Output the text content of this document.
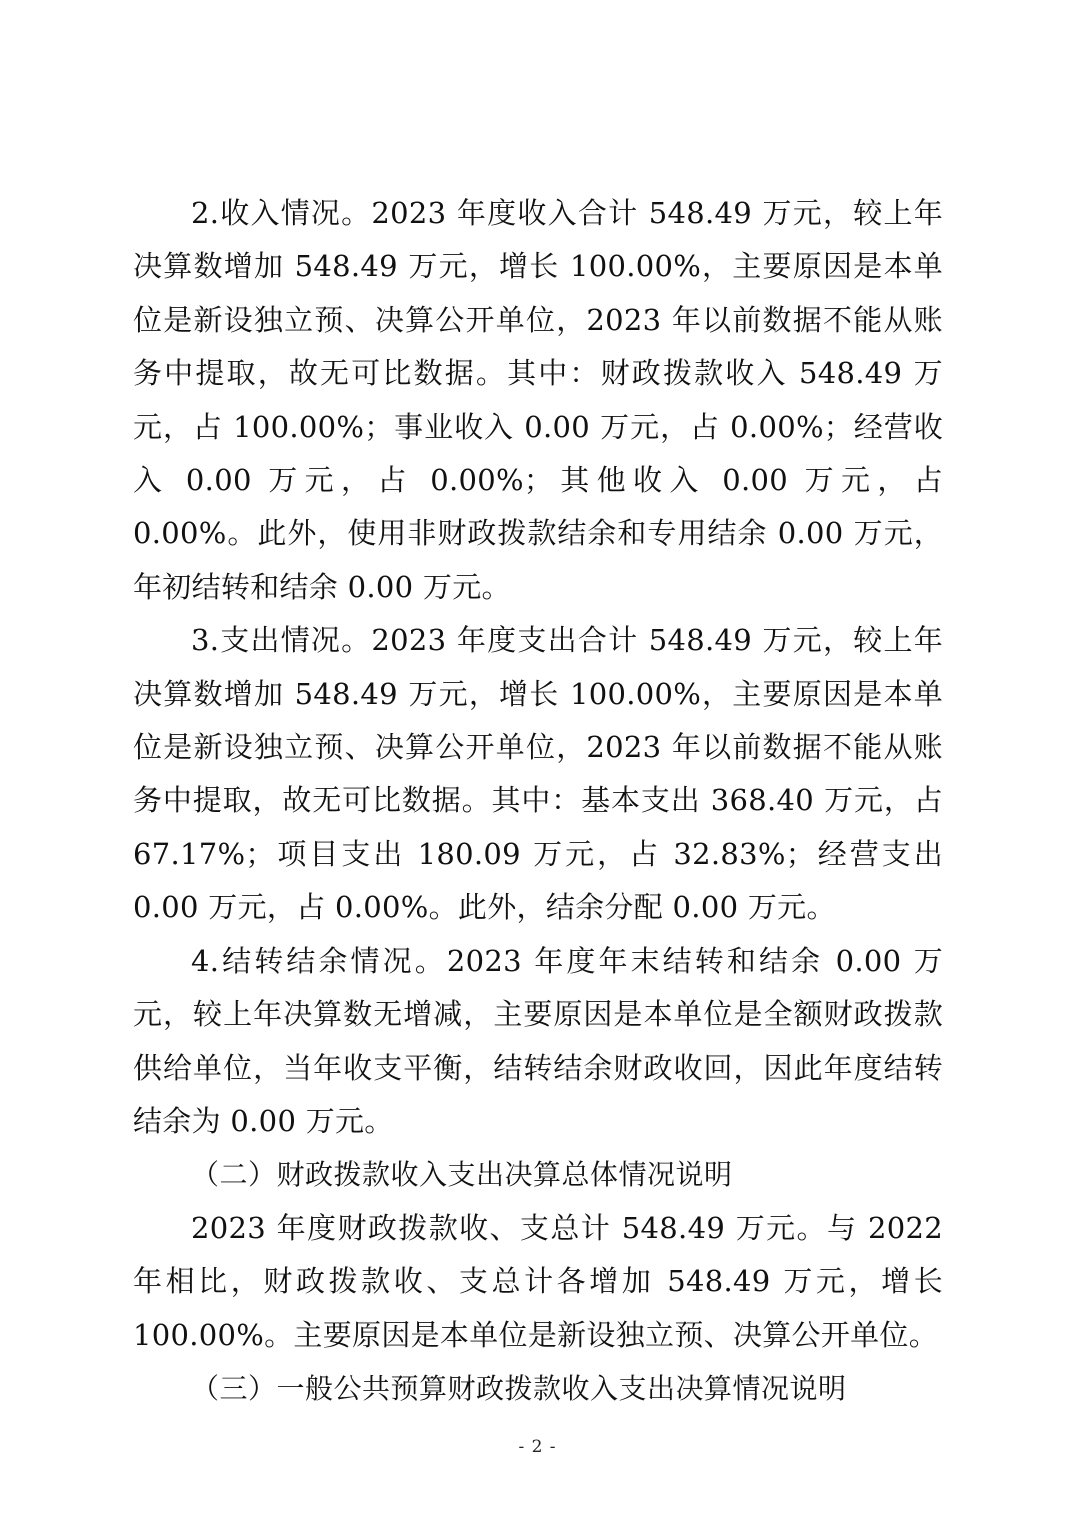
2.收入情况。2023 年度收入合计 548.49 万元，较上年决算数增加 548.49 万元，增长 100.00%，主要原因是本单位是新设独立预、决算公开单位，2023 年以前数据不能从账务中提取，故无可比数据。其中：财政拨款收入 548.49 万元，占 100.00%；事业收入 0.00 万元，占 0.00%；经营收入 0.00 万元，占 0.00%；其他收入 0.00 万元，占 0.00%。此外，使用非财政拨款结余和专用结余 0.00 万元，年初结转和结余 0.00 万元。

3.支出情况。2023 年度支出合计 548.49 万元，较上年决算数增加 548.49 万元，增长 100.00%，主要原因是本单位是新设独立预、决算公开单位，2023 年以前数据不能从账务中提取，故无可比数据。其中：基本支出 368.40 万元，占 67.17%；项目支出 180.09 万元，占 32.83%；经营支出 0.00 万元，占 0.00%。此外，结余分配 0.00 万元。

4.结转结余情况。2023 年度年末结转和结余 0.00 万元，较上年决算数无增减，主要原因是本单位是全额财政拨款供给单位，当年收支平衡，结转结余财政收回，因此年度结转结余为 0.00 万元。

（二）财政拨款收入支出决算总体情况说明

2023 年度财政拨款收、支总计 548.49 万元。与 2022 年相比，财政拨款收、支总计各增加 548.49 万元，增长 100.00%。主要原因是本单位是新设独立预、决算公开单位。

（三）一般公共预算财政拨款收入支出决算情况说明
- 2 -
